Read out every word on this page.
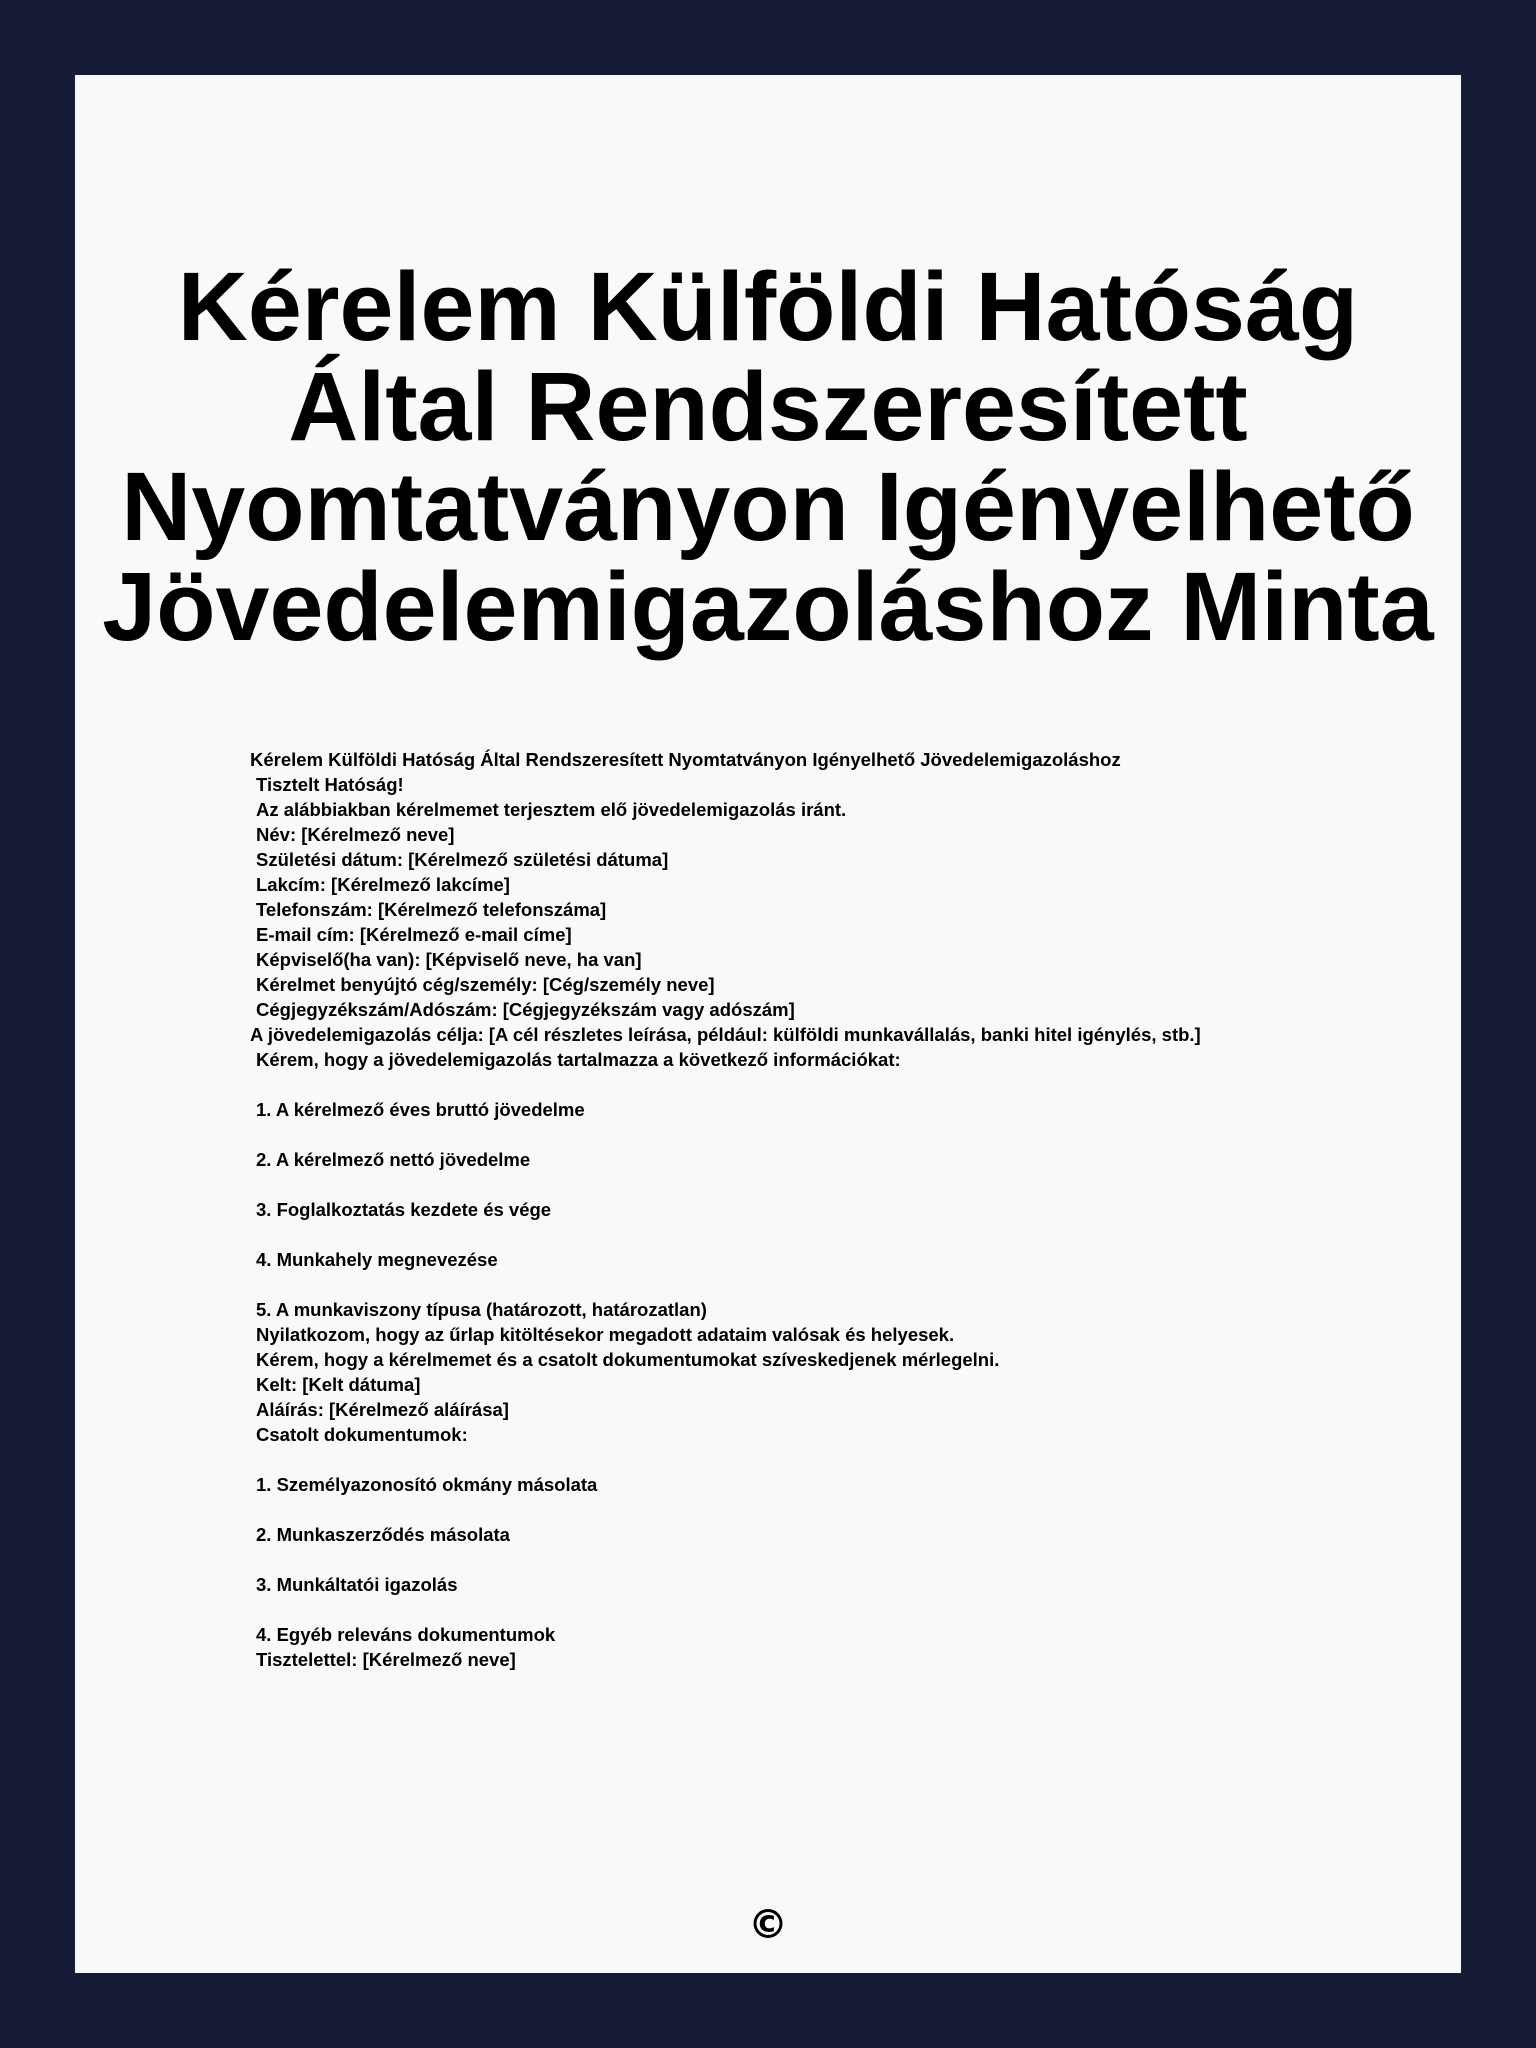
Kérelem Külföldi Hatóság
Által Rendszeresített
Nyomtatványon Igényelhető
Jövedelemigazoláshoz Minta
Kérelem Külföldi Hatóság Által Rendszeresített Nyomtatványon Igényelhető Jövedelemigazoláshoz
Tisztelt Hatóság!
Az alábbiakban kérelmemet terjesztem elő jövedelemigazolás iránt.
Név: [Kérelmező neve]
Születési dátum: [Kérelmező születési dátuma]
Lakcím: [Kérelmező lakcíme]
Telefonszám: [Kérelmező telefonszáma]
E-mail cím: [Kérelmező e-mail címe]
Képviselő(ha van): [Képviselő neve, ha van]
Kérelmet benyújtó cég/személy: [Cég/személy neve]
Cégjegyzékszám/Adószám: [Cégjegyzékszám vagy adószám]
A jövedelemigazolás célja: [A cél részletes leírása, például: külföldi munkavállalás, banki hitel igénylés, stb.]
Kérem, hogy a jövedelemigazolás tartalmazza a következő információkat:
1. A kérelmező éves bruttó jövedelme
2. A kérelmező nettó jövedelme
3. Foglalkoztatás kezdete és vége
4. Munkahely megnevezése
5. A munkaviszony típusa (határozott, határozatlan)
Nyilatkozom, hogy az űrlap kitöltésekor megadott adataim valósak és helyesek.
Kérem, hogy a kérelmemet és a csatolt dokumentumokat szíveskedjenek mérlegelni.
Kelt: [Kelt dátuma]
Aláírás: [Kérelmező aláírása]
Csatolt dokumentumok:
1. Személyazonosító okmány másolata
2. Munkaszerződés másolata
3. Munkáltatói igazolás
4. Egyéb releváns dokumentumok
Tisztelettel: [Kérelmező neve]
©
